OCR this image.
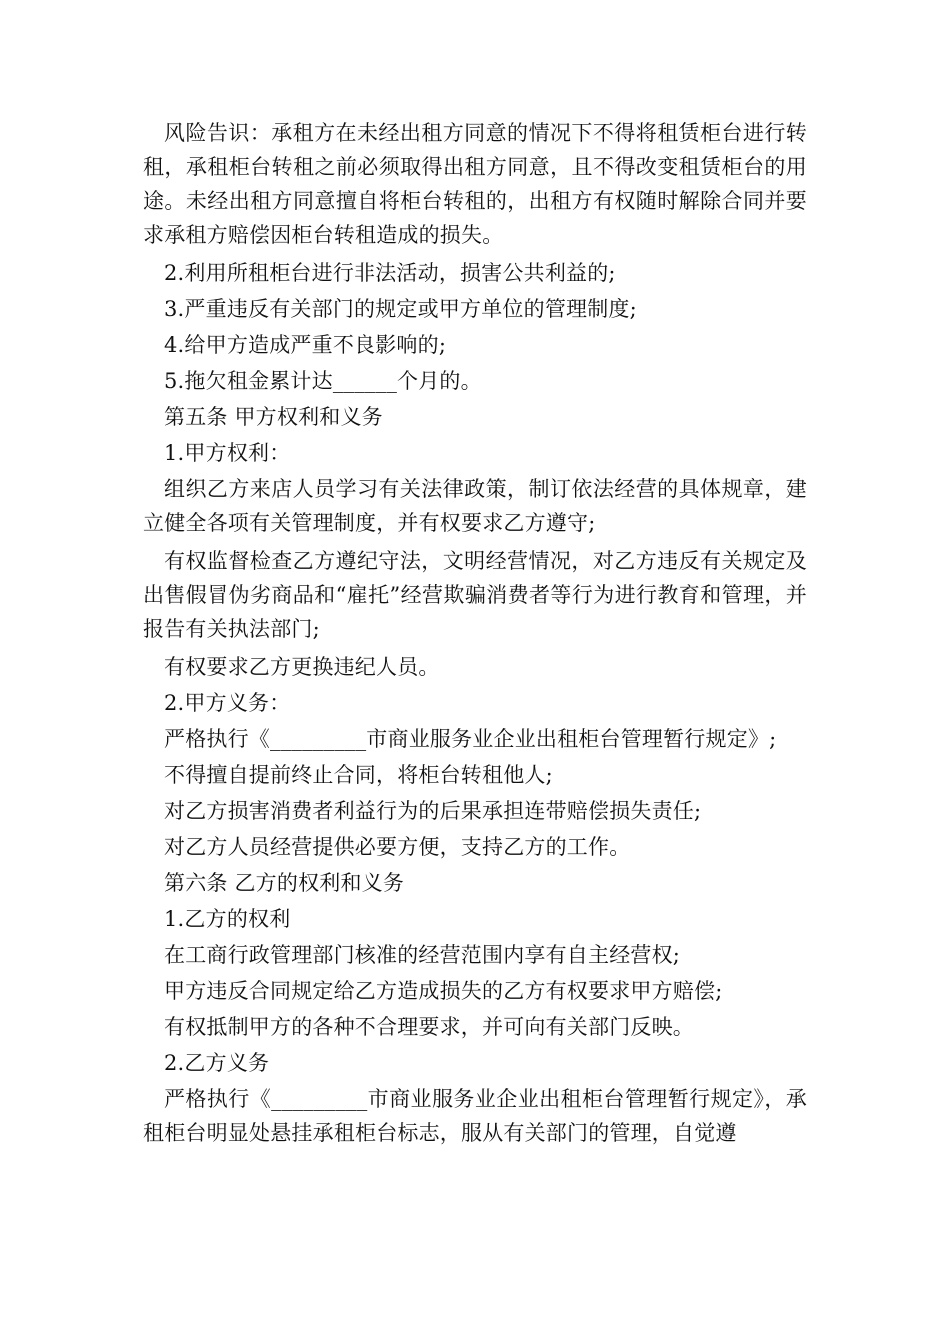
风险告识：承租方在未经出租方同意的情况下不得将租赁柜台进行转租，承租柜台转租之前必须取得出租方同意，且不得改变租赁柜台的用途。未经出租方同意擅自将柜台转租的，出租方有权随时解除合同并要求承租方赔偿因柜台转租造成的损失。

2.利用所租柜台进行非法活动，损害公共利益的;

3.严重违反有关部门的规定或甲方单位的管理制度;

4.给甲方造成严重不良影响的;

5.拖欠租金累计达______个月的。

第五条 甲方权利和义务

1.甲方权利：

组织乙方来店人员学习有关法律政策，制订依法经营的具体规章，建立健全各项有关管理制度，并有权要求乙方遵守;

有权监督检查乙方遵纪守法，文明经营情况，对乙方违反有关规定及出售假冒伪劣商品和“雇托”经营欺骗消费者等行为进行教育和管理，并报告有关执法部门;

有权要求乙方更换违纪人员。

2.甲方义务：

严格执行《_________市商业服务业企业出租柜台管理暂行规定》;

不得擅自提前终止合同，将柜台转租他人;

对乙方损害消费者利益行为的后果承担连带赔偿损失责任;

对乙方人员经营提供必要方便，支持乙方的工作。

第六条 乙方的权利和义务

1.乙方的权利

在工商行政管理部门核准的经营范围内享有自主经营权;

甲方违反合同规定给乙方造成损失的乙方有权要求甲方赔偿;

有权抵制甲方的各种不合理要求，并可向有关部门反映。

2.乙方义务

严格执行《_________市商业服务业企业出租柜台管理暂行规定》，承租柜台明显处悬挂承租柜台标志，服从有关部门的管理，自觉遵
